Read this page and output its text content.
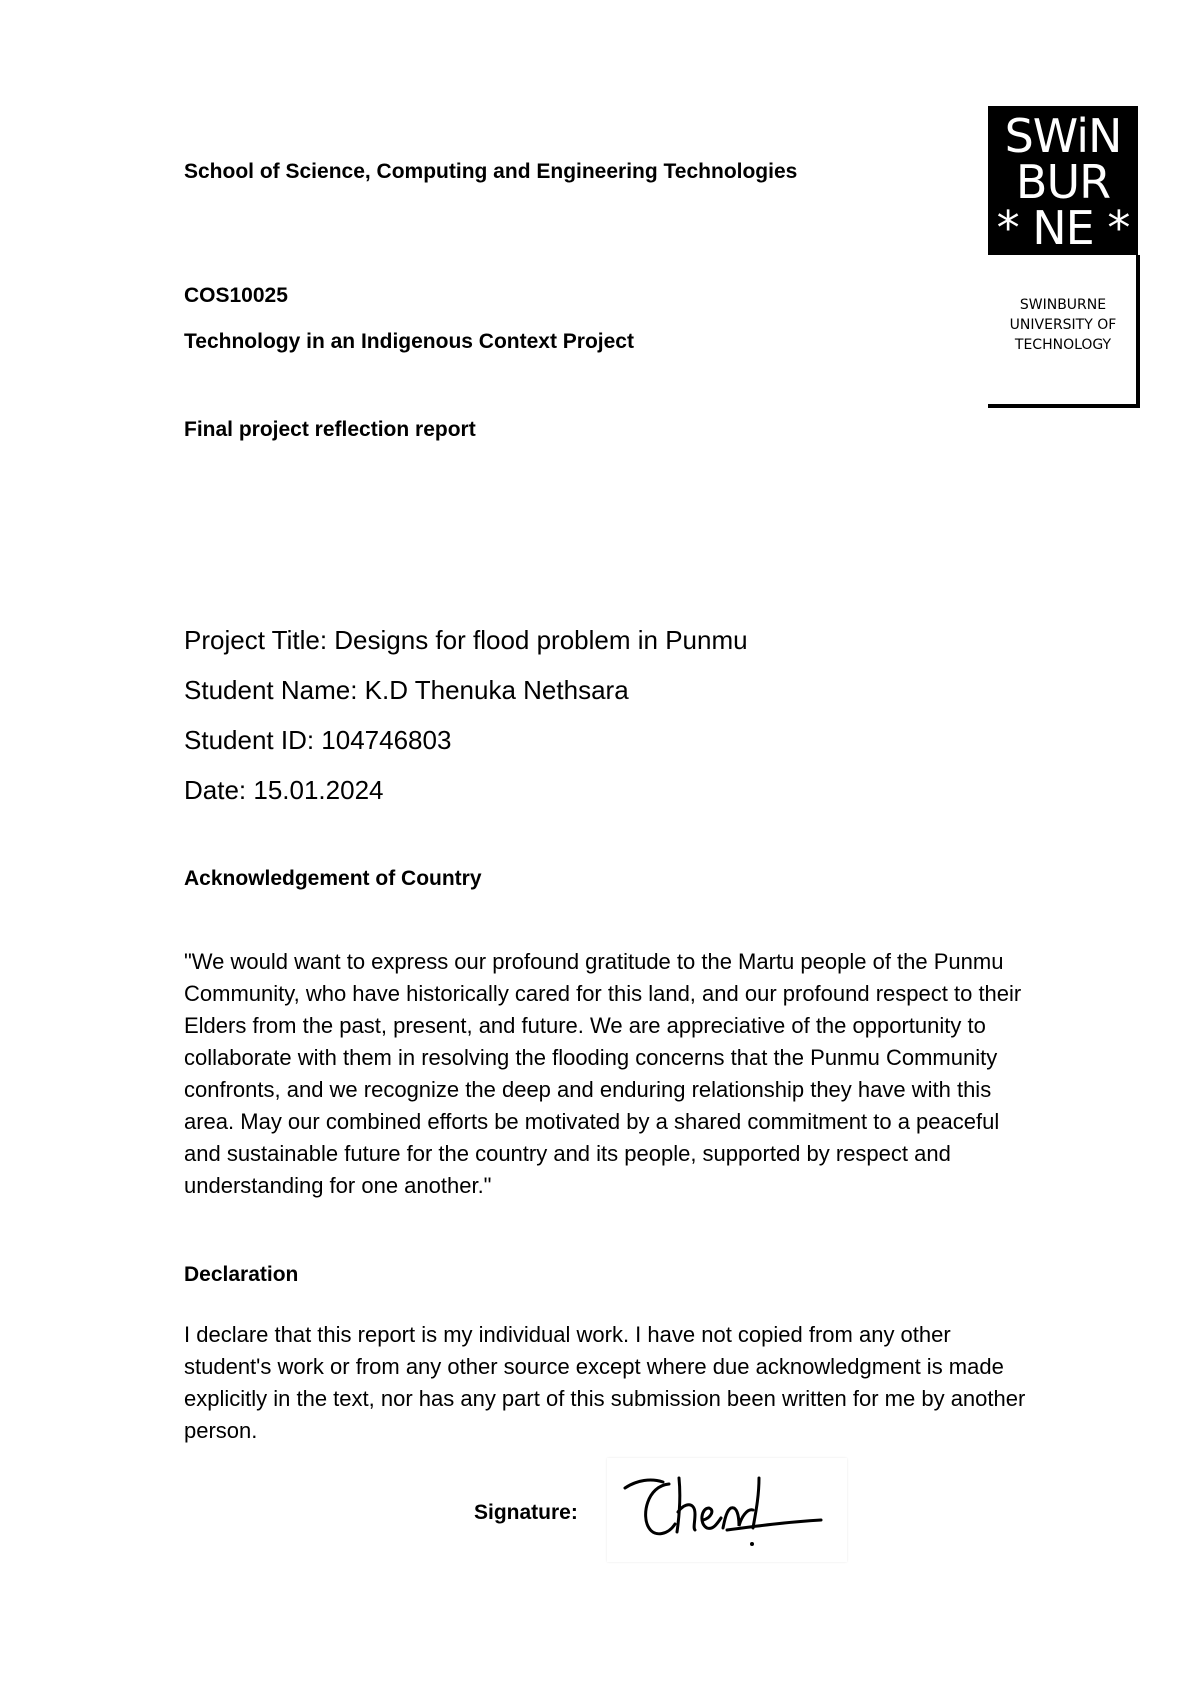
School of Science, Computing and Engineering Technologies

COS10025

Technology in an Indigenous Context Project

Final project reflection report

SWiN
BUR
* NE *
SWINBURNE
UNIVERSITY OF
TECHNOLOGY

Project Title: Designs for flood problem in Punmu

Student Name: K.D Thenuka Nethsara

Student ID: 104746803

Date: 15.01.2024

Acknowledgement of Country

"We would want to express our profound gratitude to the Martu people of the Punmu Community, who have historically cared for this land, and our profound respect to their Elders from the past, present, and future. We are appreciative of the opportunity to collaborate with them in resolving the flooding concerns that the Punmu Community confronts, and we recognize the deep and enduring relationship they have with this area. May our combined efforts be motivated by a shared commitment to a peaceful and sustainable future for the country and its people, supported by respect and understanding for one another."

Declaration

I declare that this report is my individual work. I have not copied from any other student's work or from any other source except where due acknowledgment is made explicitly in the text, nor has any part of this submission been written for me by another person.

Signature:
